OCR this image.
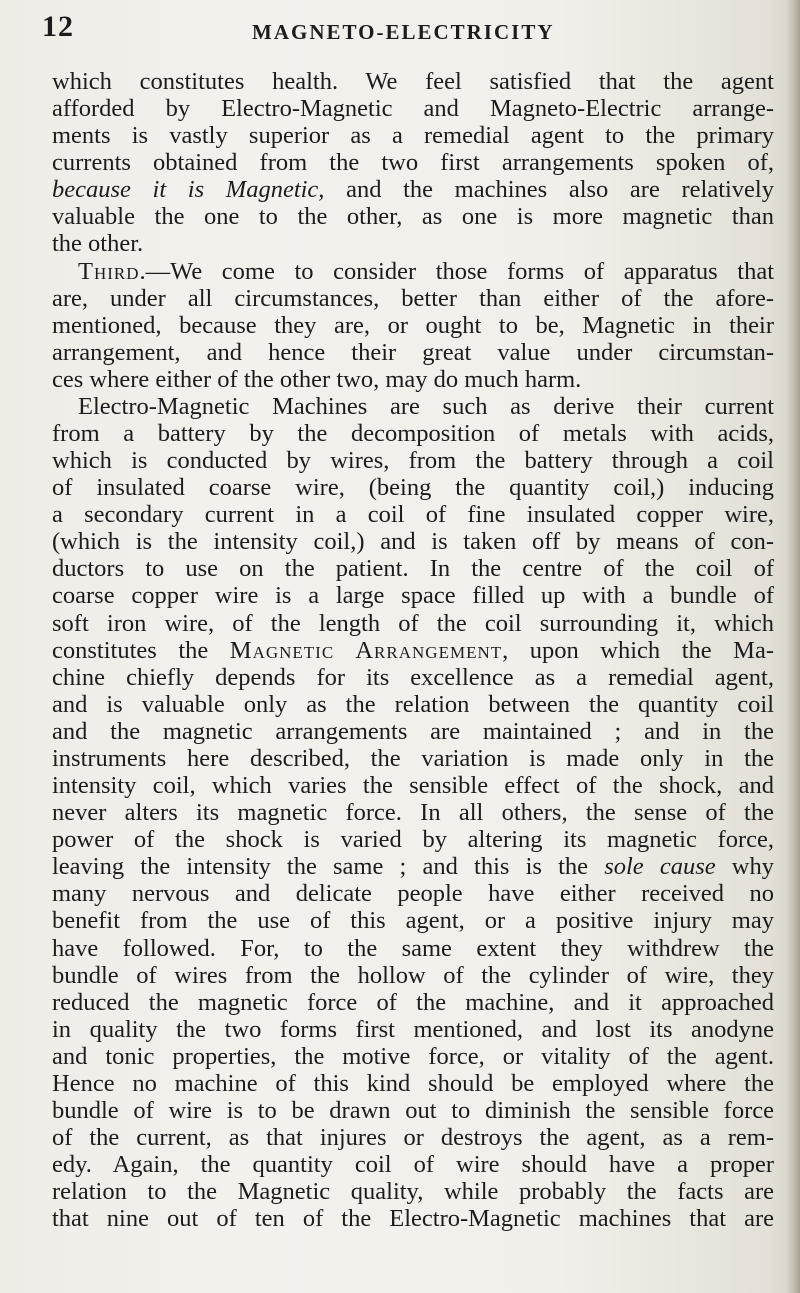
12	MAGNETO-ELECTRICITY
which constitutes health. We feel satisfied that the agent
afforded by Electro-Magnetic and Magneto-Electric arrange-
ments is vastly superior as a remedial agent to the primary
currents obtained from the two first arrangements spoken of,
because it is Magnetic, and the machines also are relatively
valuable the one to the other, as one is more magnetic than
the other.
Third.—We come to consider those forms of apparatus that
are, under all circumstances, better than either of the afore-
mentioned, because they are, or ought to be, Magnetic in their
arrangement, and hence their great value under circumstan-
ces where either of the other two, may do much harm.
Electro-Magnetic Machines are such as derive their current
from a battery by the decomposition of metals with acids,
which is conducted by wires, from the battery through a coil
of insulated coarse wire, (being the quantity coil,) inducing
a secondary current in a coil of fine insulated copper wire,
(which is the intensity coil,) and is taken off by means of con-
ductors to use on the patient. In the centre of the coil of
coarse copper wire is a large space filled up with a bundle of
soft iron wire, of the length of the coil surrounding it, which
constitutes the Magnetic Arrangement, upon which the Ma-
chine chiefly depends for its excellence as a remedial agent,
and is valuable only as the relation between the quantity coil
and the magnetic arrangements are maintained ; and in the
instruments here described, the variation is made only in the
intensity coil, which varies the sensible effect of the shock, and
never alters its magnetic force. In all others, the sense of the
power of the shock is varied by altering its magnetic force,
leaving the intensity the same ; and this is the sole cause why
many nervous and delicate people have either received no
benefit from the use of this agent, or a positive injury may
have followed. For, to the same extent they withdrew the
bundle of wires from the hollow of the cylinder of wire, they
reduced the magnetic force of the machine, and it approached
in quality the two forms first mentioned, and lost its anodyne
and tonic properties, the motive force, or vitality of the agent.
Hence no machine of this kind should be employed where the
bundle of wire is to be drawn out to diminish the sensible force
of the current, as that injures or destroys the agent, as a rem-
edy. Again, the quantity coil of wire should have a proper
relation to the Magnetic quality, while probably the facts are
that nine out of ten of the Electro-Magnetic machines that are
